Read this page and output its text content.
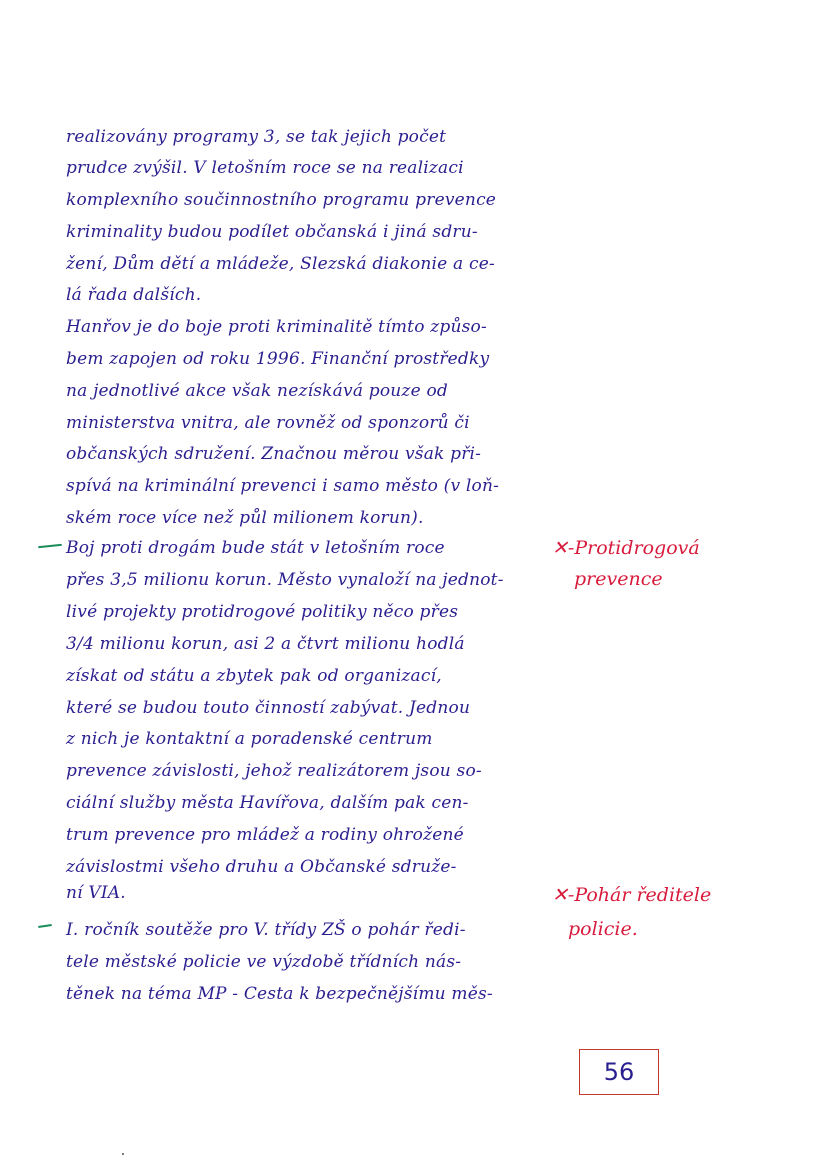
realizovány programy 3, se tak jejich počet
prudce zvýšil. V letošním roce se na realizaci
komplexního součinnostního programu prevence
kriminality budou podílet občanská i jiná sdru-
žení, Dům dětí a mládeže, Slezská diakonie a ce-
lá řada dalších.
Hanřov je do boje proti kriminalitě tímto způso-
bem zapojen od roku 1996. Finanční prostředky
na jednotlivé akce však nezískává pouze od
ministerstva vnitra, ale rovněž od sponzorů či
občanských sdružení. Značnou měrou však při-
spívá na kriminální prevenci i samo město (v loň-
ském roce více než půl milionem korun).
Boj proti drogám bude stát v letošním roce
přes 3,5 milionu korun. Město vynaloží na jednot-
livé projekty protidrogové politiky něco přes
3/4 milionu korun, asi 2 a čtvrt milionu hodlá
získat od státu a zbytek pak od organizací,
které se budou touto činností zabývat. Jednou
z nich je kontaktní a poradenské centrum
prevence závislosti, jehož realizátorem jsou so-
ciální služby města Havířova, dalším pak cen-
trum prevence pro mládež a rodiny ohrožené
závislostmi všeho druhu a Občanské sdruže-
ní VIA.
I. ročník soutěže pro V. třídy ZŠ o pohár ředi-
tele městské policie ve výzdobě třídních nás-
těnek na téma MP - Cesta k bezpečnějšímu měs-
✕-Protidrogová
prevence
✕-Pohár ředitele
policie.
56
